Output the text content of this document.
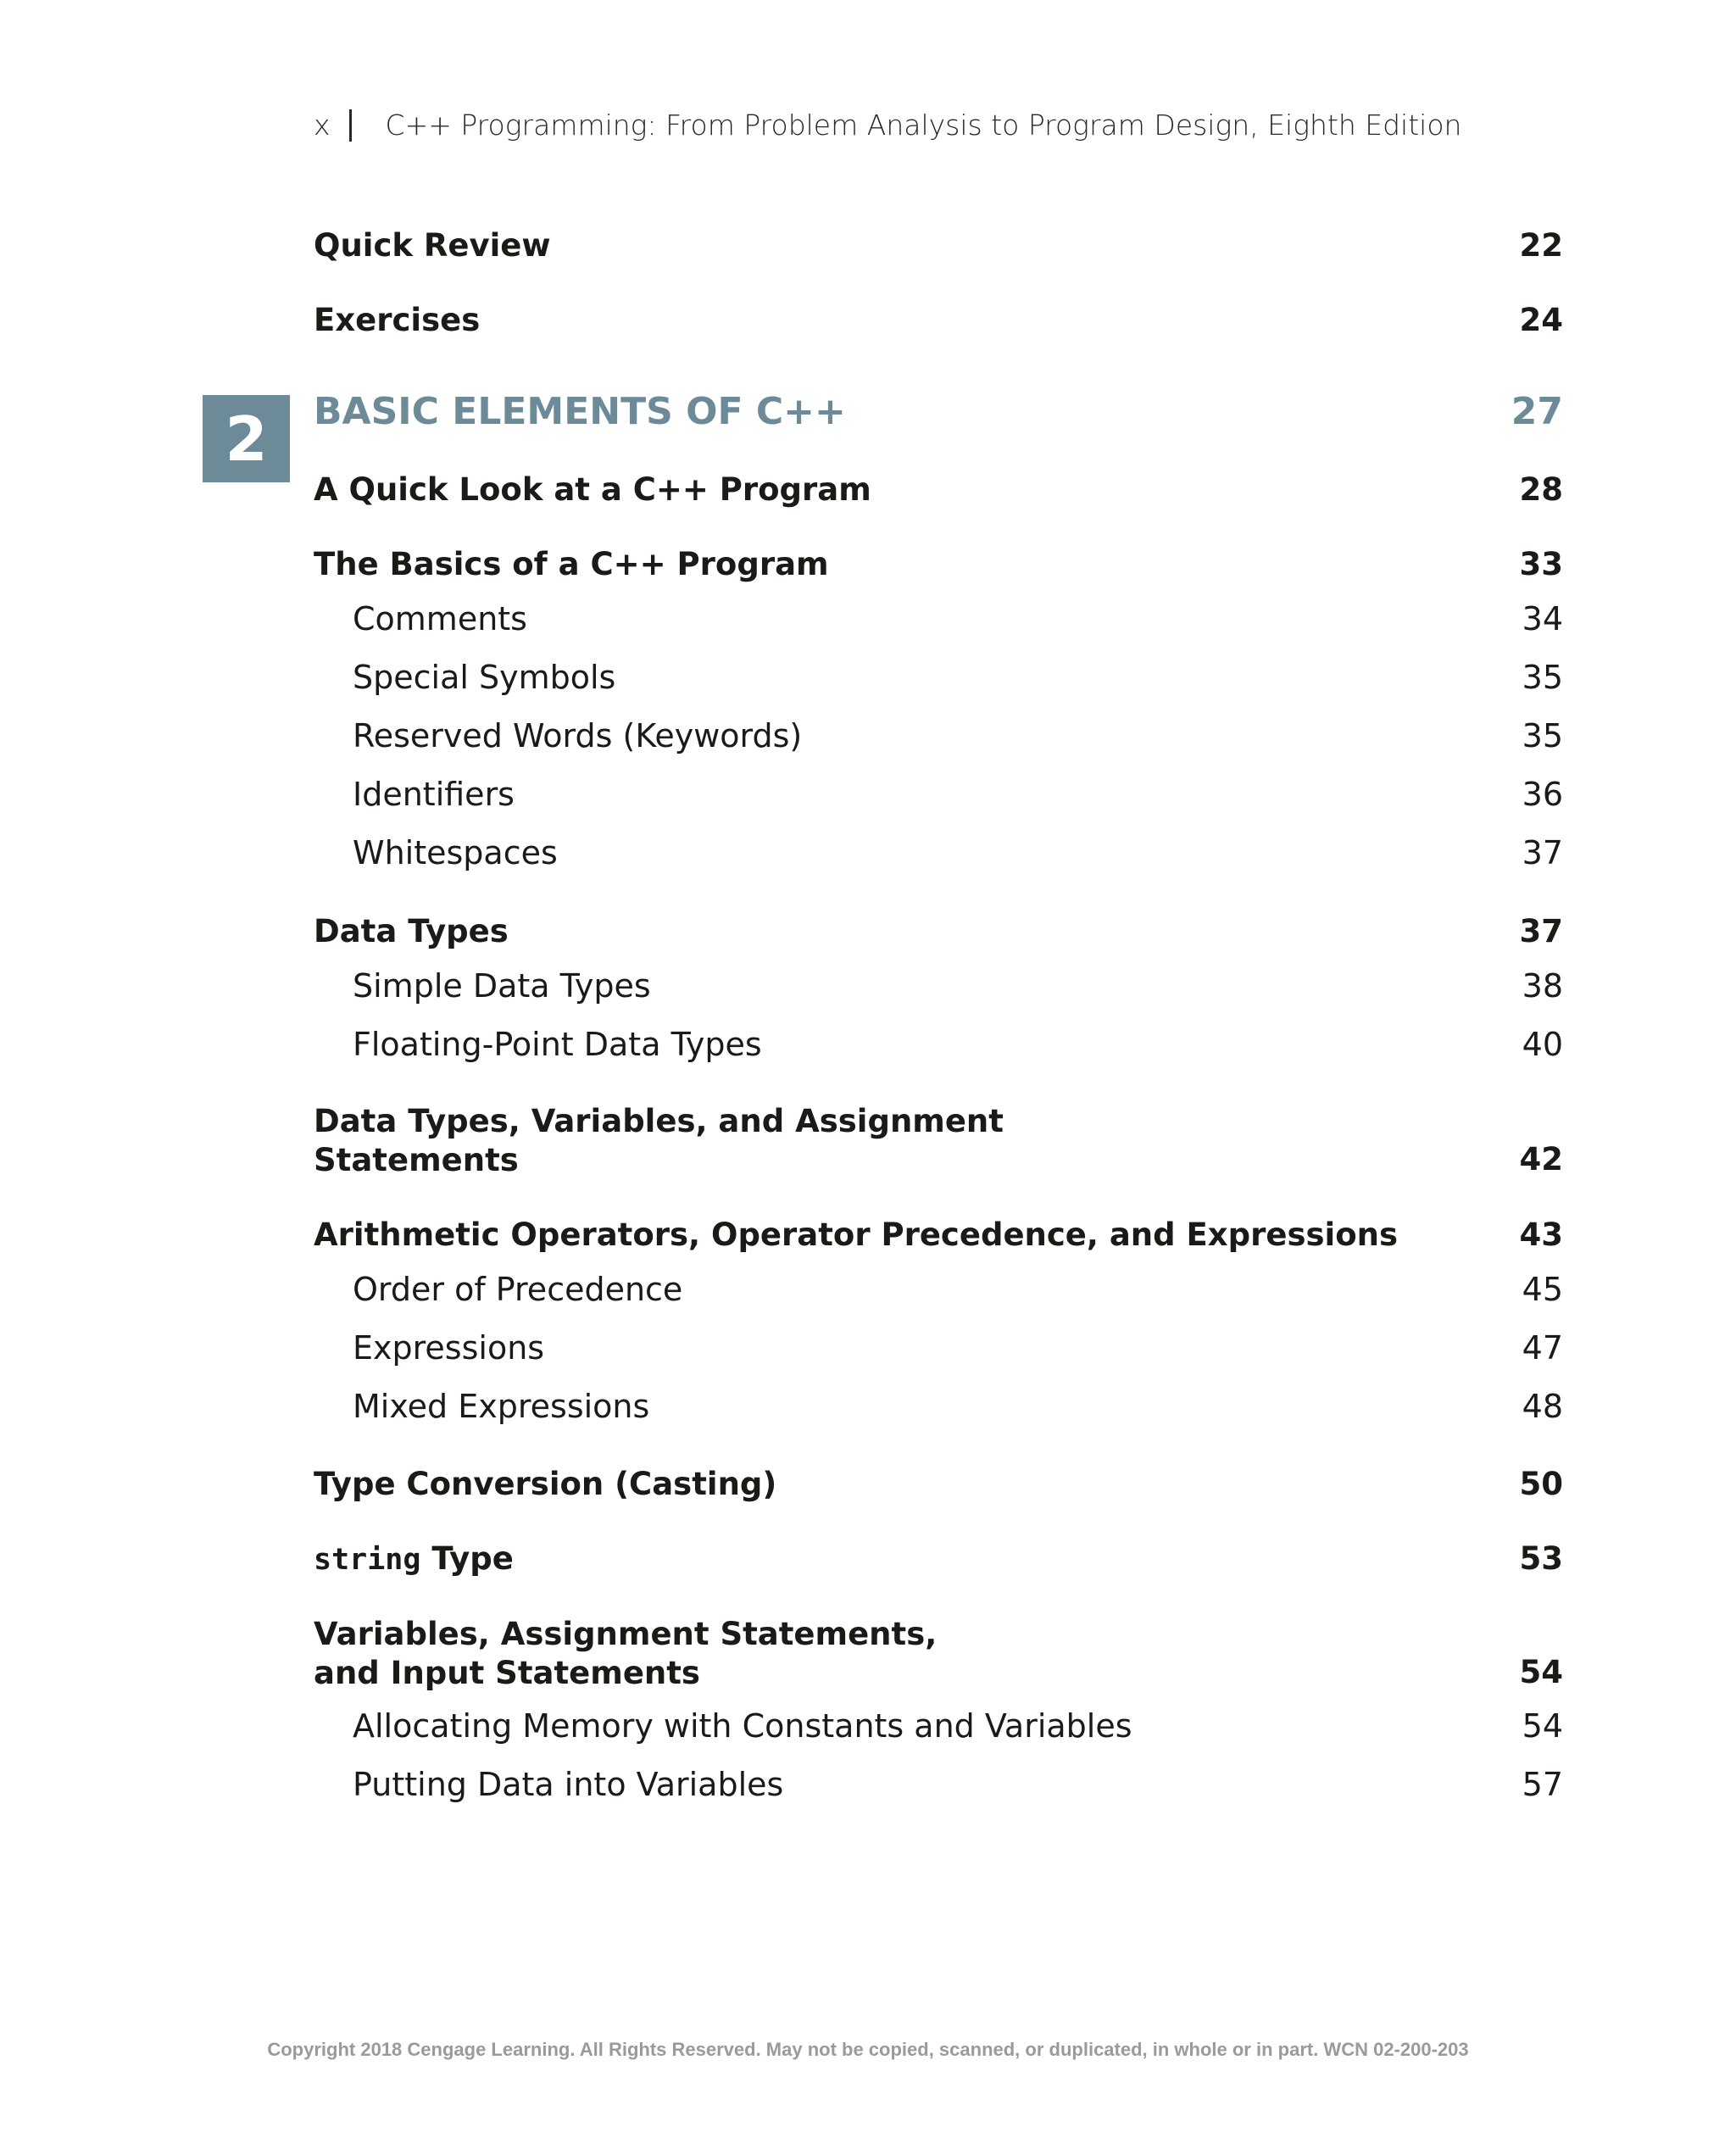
x C++ Programming: From Problem Analysis to Program Design, Eighth Edition
Quick Review	22
Exercises	24
2	BASIC ELEMENTS OF C++	27
A Quick Look at a C++ Program	28
The Basics of a C++ Program	33
Comments	34
Special Symbols	35
Reserved Words (Keywords)	35
Identifiers	36
Whitespaces	37
Data Types	37
Simple Data Types	38
Floating-Point Data Types	40
Data Types, Variables, and Assignment
Statements	42
Arithmetic Operators, Operator Precedence, and Expressions	43
Order of Precedence	45
Expressions	47
Mixed Expressions	48
Type Conversion (Casting)	50
string Type	53
Variables, Assignment Statements,
and Input Statements	54
Allocating Memory with Constants and Variables	54
Putting Data into Variables	57
Copyright 2018 Cengage Learning. All Rights Reserved. May not be copied, scanned, or duplicated, in whole or in part. WCN 02-200-203
